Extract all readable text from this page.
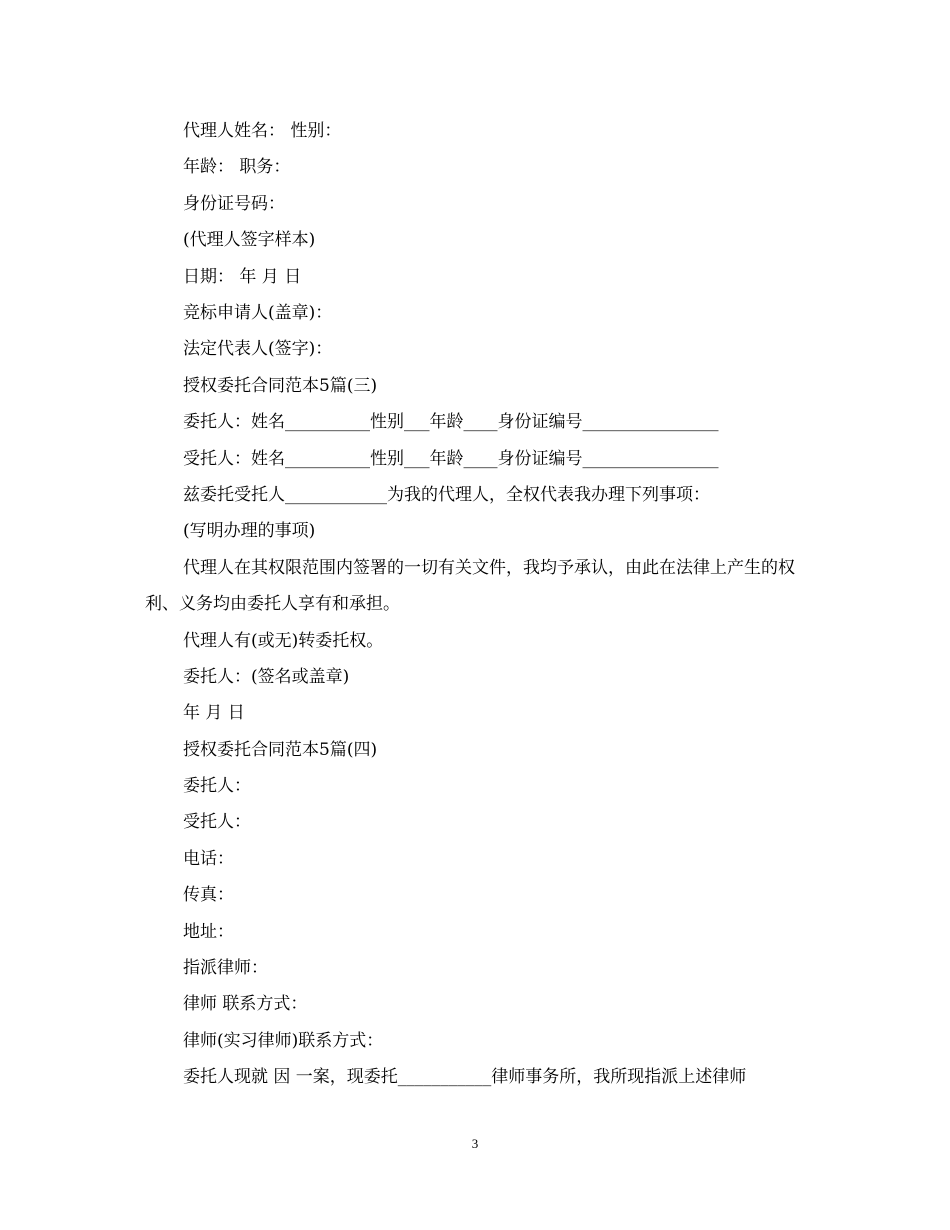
代理人姓名： 性别：
年龄： 职务：
身份证号码：
(代理人签字样本)
日期： 年 月 日
竞标申请人(盖章)：
法定代表人(签字)：
授权委托合同范本5篇(三)
委托人：姓名__________性别___年龄____身份证编号________________
受托人：姓名__________性别___年龄____身份证编号________________
兹委托受托人____________为我的代理人，全权代表我办理下列事项：
(写明办理的事项)
代理人在其权限范围内签署的一切有关文件，我均予承认，由此在法律上产生的权利、义务均由委托人享有和承担。
代理人有(或无)转委托权。
委托人：(签名或盖章)
年 月 日
授权委托合同范本5篇(四)
委托人：
受托人：
电话：
传真：
地址：
指派律师：
律师 联系方式：
律师(实习律师)联系方式：
委托人现就 因 一案，现委托___________律师事务所，我所现指派上述律师
3
